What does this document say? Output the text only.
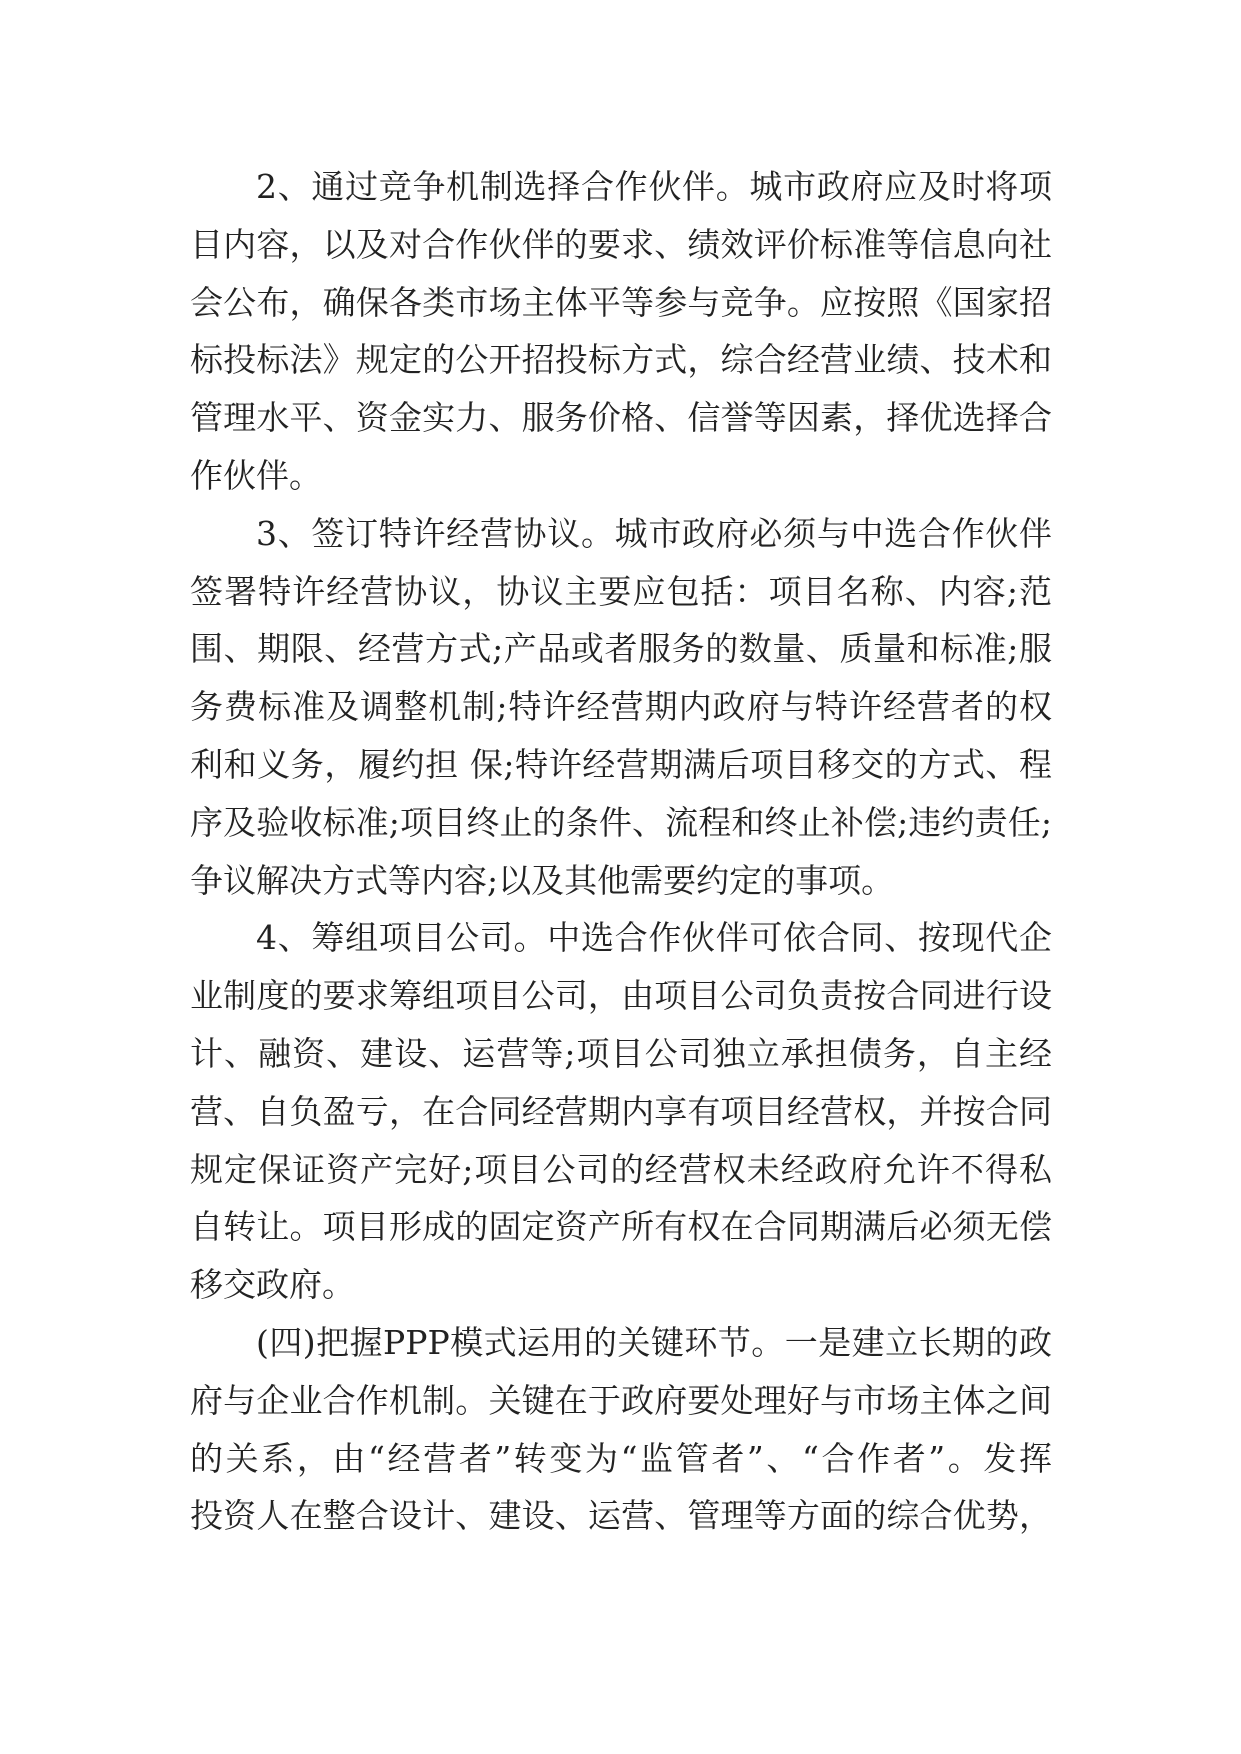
2、通过竞争机制选择合作伙伴。城市政府应及时将项
目内容，以及对合作伙伴的要求、绩效评价标准等信息向社
会公布，确保各类市场主体平等参与竞争。应按照《国家招
标投标法》规定的公开招投标方式，综合经营业绩、技术和
管理水平、资金实力、服务价格、信誉等因素，择优选择合
作伙伴。
3、签订特许经营协议。城市政府必须与中选合作伙伴
签署特许经营协议，协议主要应包括：项目名称、内容;范
围、期限、经营方式;产品或者服务的数量、质量和标准;服
务费标准及调整机制;特许经营期内政府与特许经营者的权
利和义务，履约担 保;特许经营期满后项目移交的方式、程
序及验收标准;项目终止的条件、流程和终止补偿;违约责任;
争议解决方式等内容;以及其他需要约定的事项。
4、筹组项目公司。中选合作伙伴可依合同、按现代企
业制度的要求筹组项目公司，由项目公司负责按合同进行设
计、融资、建设、运营等;项目公司独立承担债务，自主经
营、自负盈亏，在合同经营期内享有项目经营权，并按合同
规定保证资产完好;项目公司的经营权未经政府允许不得私
自转让。项目形成的固定资产所有权在合同期满后必须无偿
移交政府。
(四)把握PPP模式运用的关键环节。一是建立长期的政
府与企业合作机制。关键在于政府要处理好与市场主体之间
的关系，由“经营者”转变为“监管者”、“合作者”。发挥
投资人在整合设计、建设、运营、管理等方面的综合优势，
